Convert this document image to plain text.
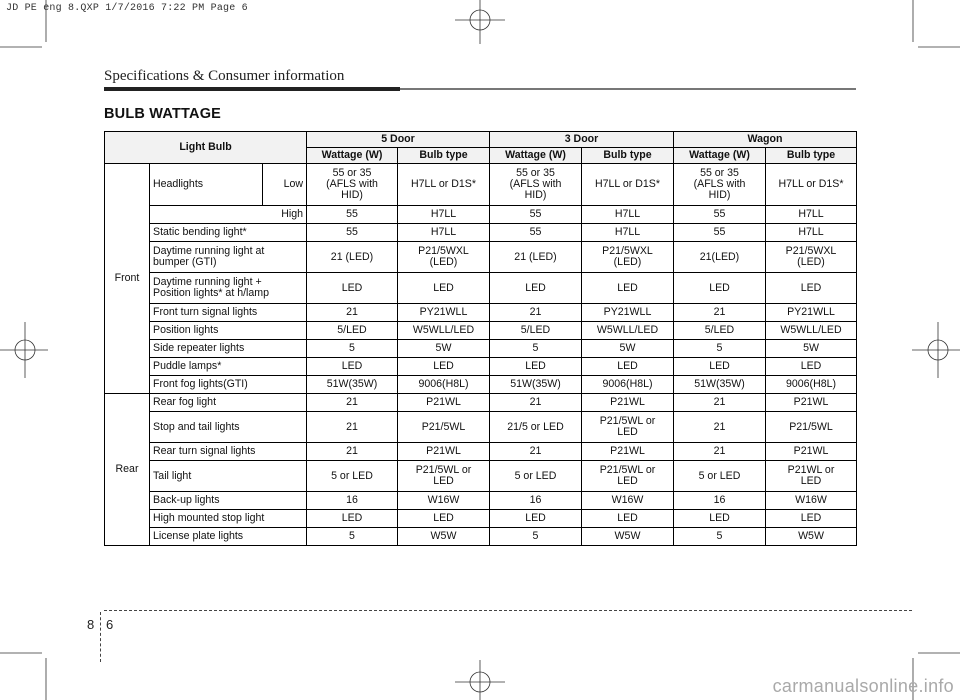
JD PE eng 8.QXP 1/7/2016 7:22 PM Page 6
Specifications & Consumer information
BULB WATTAGE
Light Bulb			5 Door		3 Door		Wagon	
			Wattage (W)	Bulb type	Wattage (W)	Bulb type	Wattage (W)	Bulb type
Front	Headlights	Low	55 or 35
(AFLS with
HID)	H7LL or D1S*	55 or 35
(AFLS with
HID)	H7LL or D1S*	55 or 35
(AFLS with
HID)	H7LL or D1S*
	High		55	H7LL	55	H7LL	55	H7LL
	Static bending light*		55	H7LL	55	H7LL	55	H7LL
	Daytime running light at
bumper (GTI)		21 (LED)	P21/5WXL
(LED)	21 (LED)	P21/5WXL
(LED)	21(LED)	P21/5WXL
(LED)
	Daytime running light +
Position lights* at h/lamp		LED	LED	LED	LED	LED	LED
	Front turn signal lights		21	PY21WLL	21	PY21WLL	21	PY21WLL
	Position lights		5/LED	W5WLL/LED	5/LED	W5WLL/LED	5/LED	W5WLL/LED
	Side repeater lights		5	5W	5	5W	5	5W
	Puddle lamps*		LED	LED	LED	LED	LED	LED
	Front fog lights(GTI)		51W(35W)	9006(H8L)	51W(35W)	9006(H8L)	51W(35W)	9006(H8L)
Rear	Rear fog light		21	P21WL	21	P21WL	21	P21WL
	Stop and tail lights		21	P21/5WL	21/5 or LED	P21/5WL or
LED	21	P21/5WL
	Rear turn signal lights		21	P21WL	21	P21WL	21	P21WL
	Tail light		5 or LED	P21/5WL or
LED	5 or LED	P21/5WL or
LED	5 or LED	P21WL or
LED
	Back-up lights		16	W16W	16	W16W	16	W16W
	High mounted stop light		LED	LED	LED	LED	LED	LED
	License plate lights		5	W5W	5	W5W	5	W5W
8 6
carmanualsonline.info
